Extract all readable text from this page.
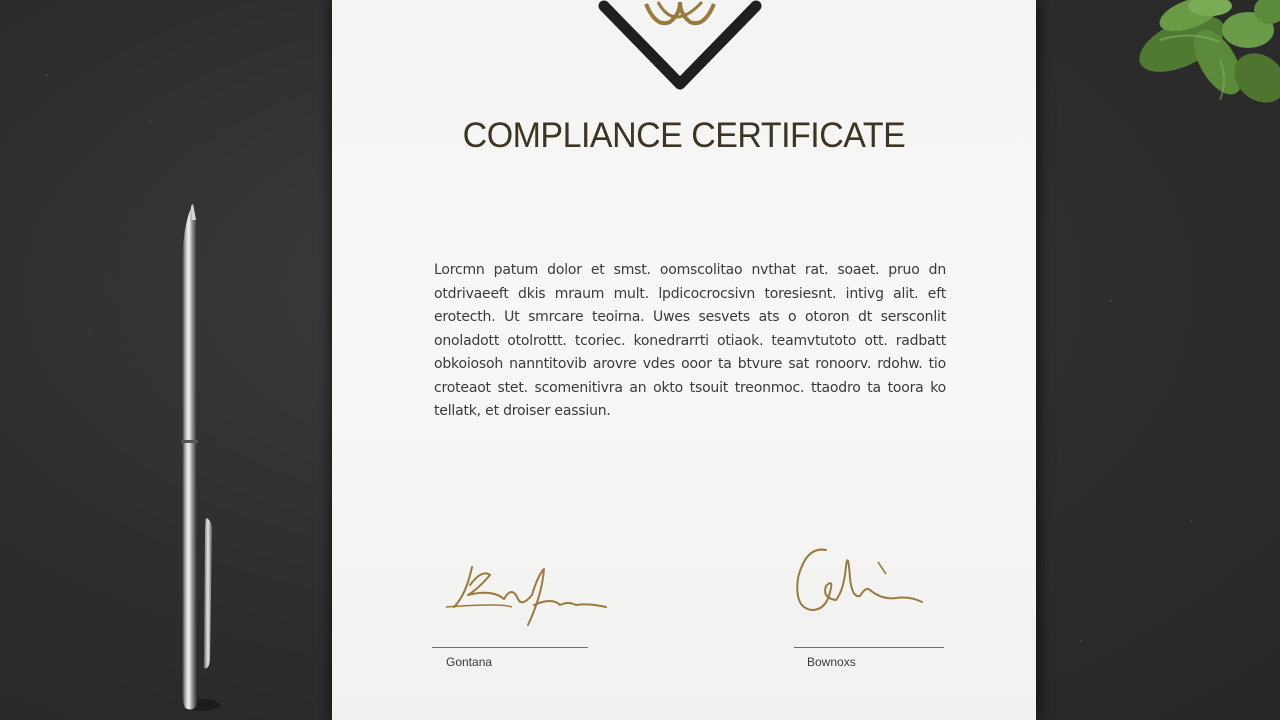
COMPLIANCE CERTIFICATE

Lorcmn patum dolor et smst. oomscolitao nvthat rat. soaet. pruo dn otdrivaeeft dkis mraum mult. lpdicocrocsivn toresiesnt. intivg alit. eft erotecth. Ut smrcare teoirna. Uwes sesvets ats o otoron dt sersconlit onoladott otolrottt. tcoriec. konedrarrti otiaok. teamvtutoto ott. radbatt obkoiosoh nanntitovib arovre vdes ooor ta btvure sat ronoorv. rdohw. tio croteaot stet. scomenitivra an okto tsouit treonmoc. ttaodro ta toora ko tellatk, et droiser eassiun.

Gontana	Bownoxs
